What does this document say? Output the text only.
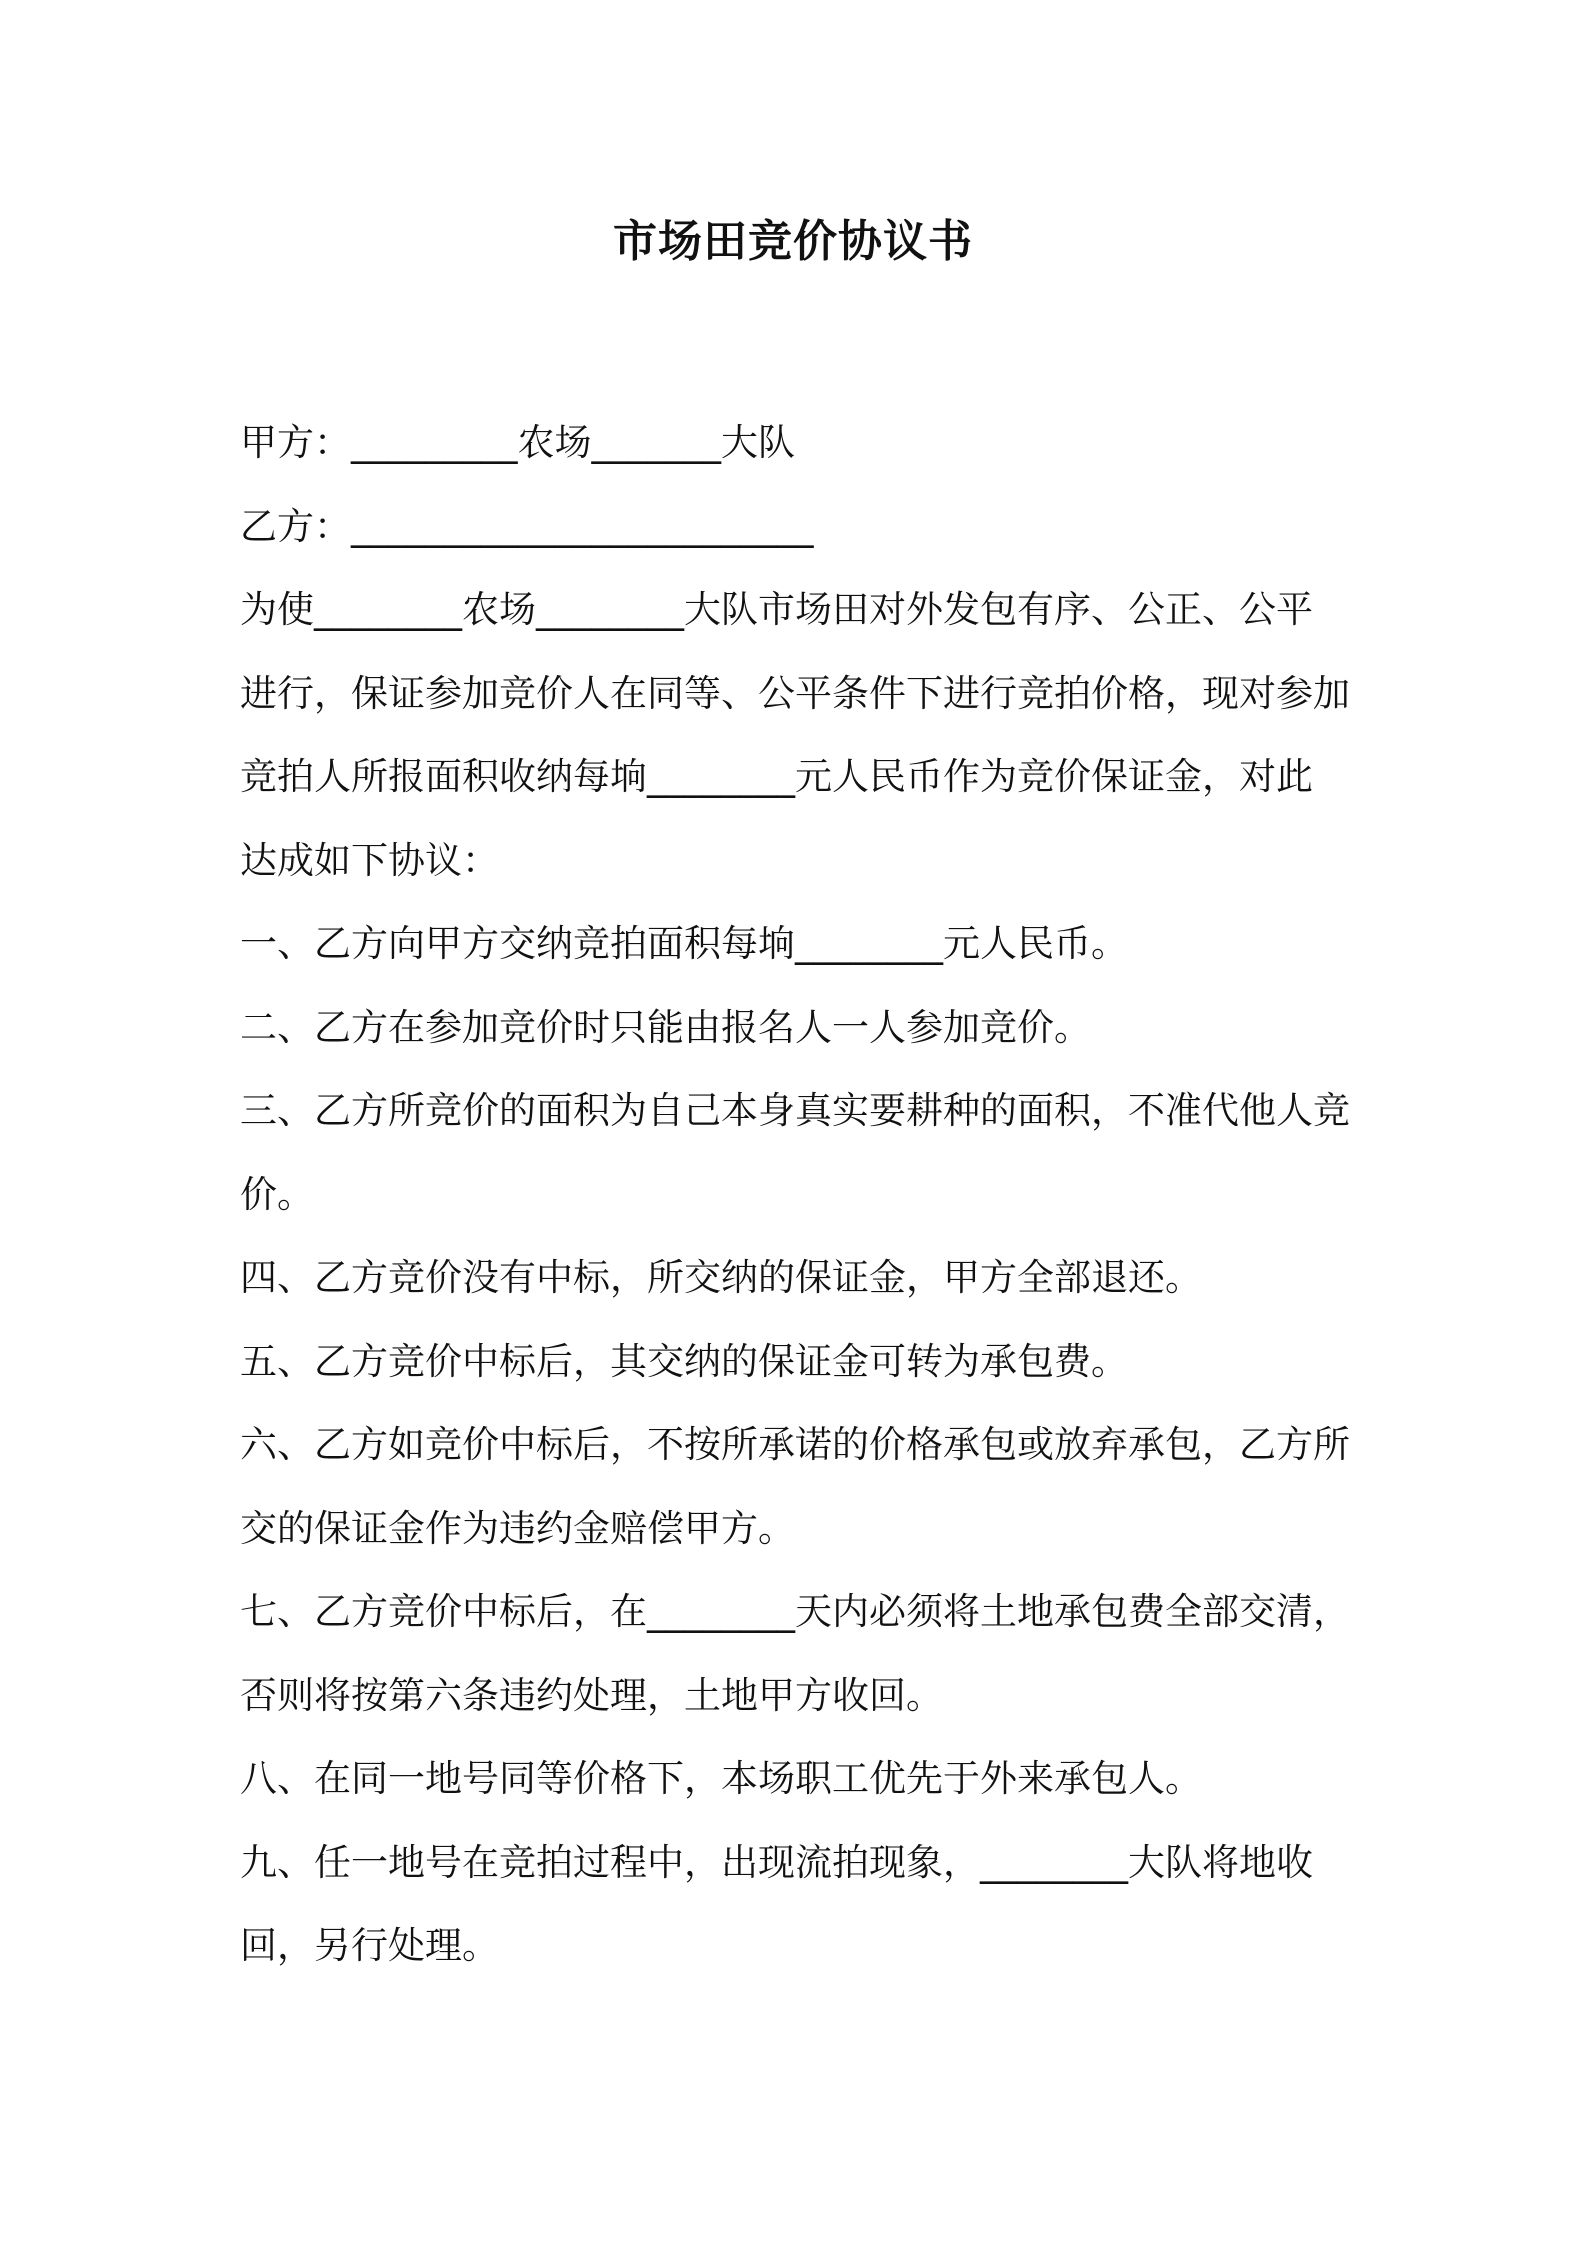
市场田竞价协议书

甲方：_________农场_______大队

乙方：_________________________

为使________农场________大队市场田对外发包有序、公正、公平

进行，保证参加竞价人在同等、公平条件下进行竞拍价格，现对参加

竞拍人所报面积收纳每垧________元人民币作为竞价保证金，对此

达成如下协议：

一、乙方向甲方交纳竞拍面积每垧________元人民币。

二、乙方在参加竞价时只能由报名人一人参加竞价。

三、乙方所竞价的面积为自己本身真实要耕种的面积，不准代他人竞

价。

四、乙方竞价没有中标，所交纳的保证金，甲方全部退还。

五、乙方竞价中标后，其交纳的保证金可转为承包费。

六、乙方如竞价中标后，不按所承诺的价格承包或放弃承包，乙方所

交的保证金作为违约金赔偿甲方。

七、乙方竞价中标后，在________天内必须将土地承包费全部交清，

否则将按第六条违约处理，土地甲方收回。

八、在同一地号同等价格下，本场职工优先于外来承包人。

九、任一地号在竞拍过程中，出现流拍现象，________大队将地收

回，另行处理。
